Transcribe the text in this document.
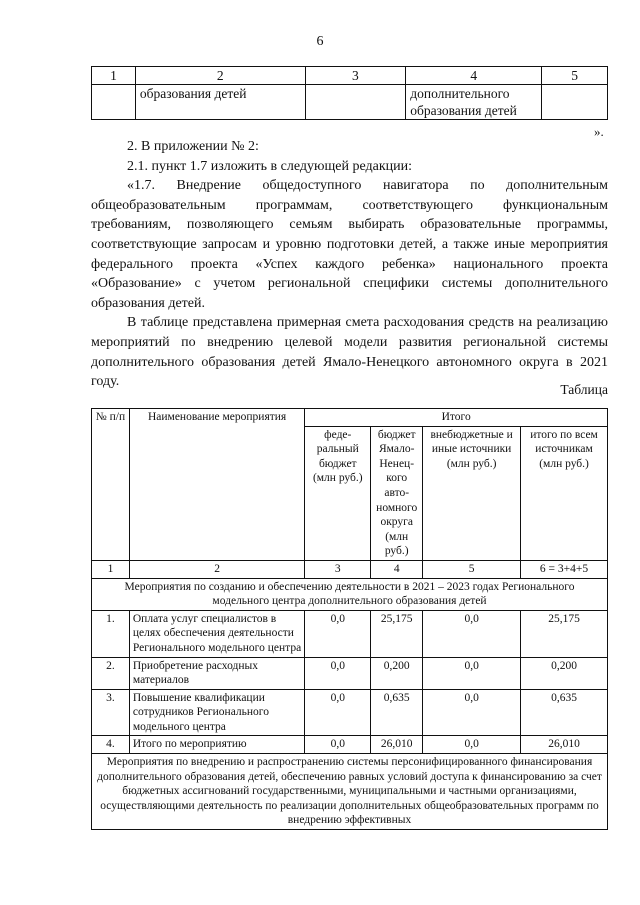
6
1	2	3	4	5
	образования детей		дополнительного образования детей	
».

2. В приложении № 2:

2.1. пункт 1.7 изложить в следующей редакции:

«1.7. Внедрение общедоступного навигатора по дополнительным общеобразовательным программам, соответствующего функциональным требованиям, позволяющего семьям выбирать образовательные программы, соответствующие запросам и уровню подготовки детей, а также иные мероприятия федерального проекта «Успех каждого ребенка» национального проекта «Образование» с учетом региональной специфики системы дополнительного образования детей.

В таблице представлена примерная смета расходования средств на реализацию мероприятий по внедрению целевой модели развития региональной системы дополнительного образования детей Ямало-Ненецкого автономного округа в 2021 году.

Таблица
№ п/п	Наименование мероприятия	Итого			
		феде-ральный бюджет (млн руб.)	бюджет Ямало-Ненец-кого авто-номного округа (млн руб.)	внебюджетные и иные источники (млн руб.)	итого по всем источникам (млн руб.)
1	2	3	4	5	6 = 3+4+5
Мероприятия по созданию и обеспечению деятельности в 2021 – 2023 годах Регионального модельного центра дополнительного образования детей					
1.	Оплата услуг специалистов в целях обеспечения деятельности Регионального модельного центра	0,0	25,175	0,0	25,175
2.	Приобретение расходных материалов	0,0	0,200	0,0	0,200
3.	Повышение квалификации сотрудников Регионального модельного центра	0,0	0,635	0,0	0,635
4.	Итого по мероприятию	0,0	26,010	0,0	26,010
Мероприятия по внедрению и распространению системы персонифицированного финансирования дополнительного образования детей, обеспечению равных условий доступа к финансированию за счет бюджетных ассигнований государственными, муниципальными и частными организациями, осуществляющими деятельность по реализации дополнительных общеобразовательных программ по внедрению эффективных					
